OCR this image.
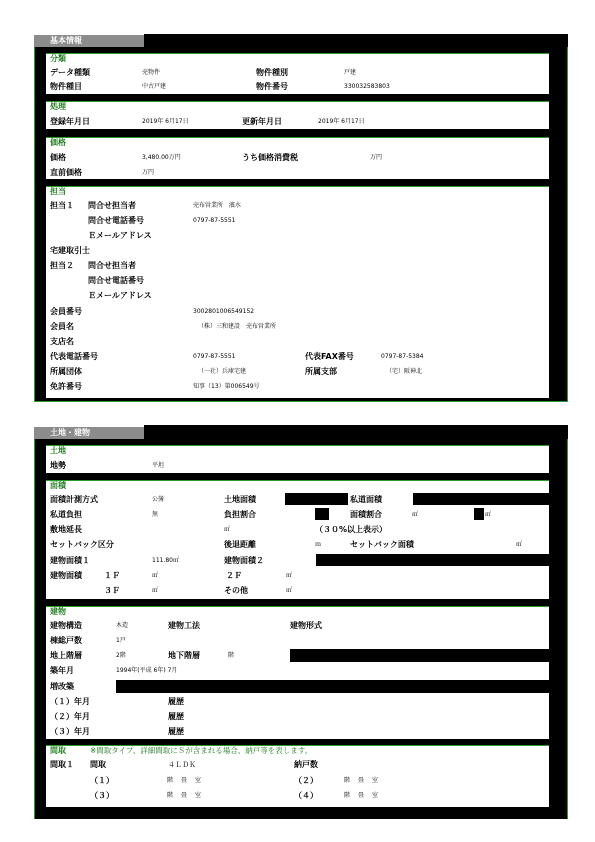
基本情報
分類
データ種類	売物件	物件種別	戸建
物件種目	中古戸建	物件番号	330032583803
処理
登録年月日	2019年 6月17日	更新年月日	2019年 6月17日
価格
価格	3,480.00万円	うち価格消費税	万円
直前価格	万円
担当
担当１ 問合せ担当者	売布営業所　濱水
問合せ電話番号	0797-87-5551
Ｅメールアドレス
宅建取引士
担当２ 問合せ担当者
問合せ電話番号
Ｅメールアドレス
会員番号	3002801006549152
会員名	（株）三和建設　売布営業所
支店名
代表電話番号	0797-87-5551	代表FAX番号	0797-87-5384
所属団体	（一社）兵庫宅建	所属支部	（宅）阪神北
免許番号	知事（13）第006549号
土地・建物
土地
地勢	平坦
面積
面積計測方式	公簿	土地面積	私道面積
私道負担	無	負担割合	面積割合	㎡	㎡
敷地延長	㎡	（３０%以上表示）
セットバック区分	後退距離	ｍ	セットバック面積	㎡
建物面積１	111.80㎡	建物面積２
建物面積	１Ｆ	㎡	２Ｆ	㎡
３Ｆ	㎡	その他	㎡
建物
建物構造	木造	建物工法	建物形式
棟総戸数	1戸
地上階層	2階	地下階層	階
築年月	1994年(平成 6年) 7月
増改築
（１）年月	履歴
（２）年月	履歴
（３）年月	履歴
間取	※間取タイプ、詳細間取にＳが含まれる場合、納戸等を表します。
間取１ 間取	４ＬＤＫ	納戸数
（１）	階 畳 室	（２）	階 畳 室
（３）	階 畳 室	（４）	階 畳 室
